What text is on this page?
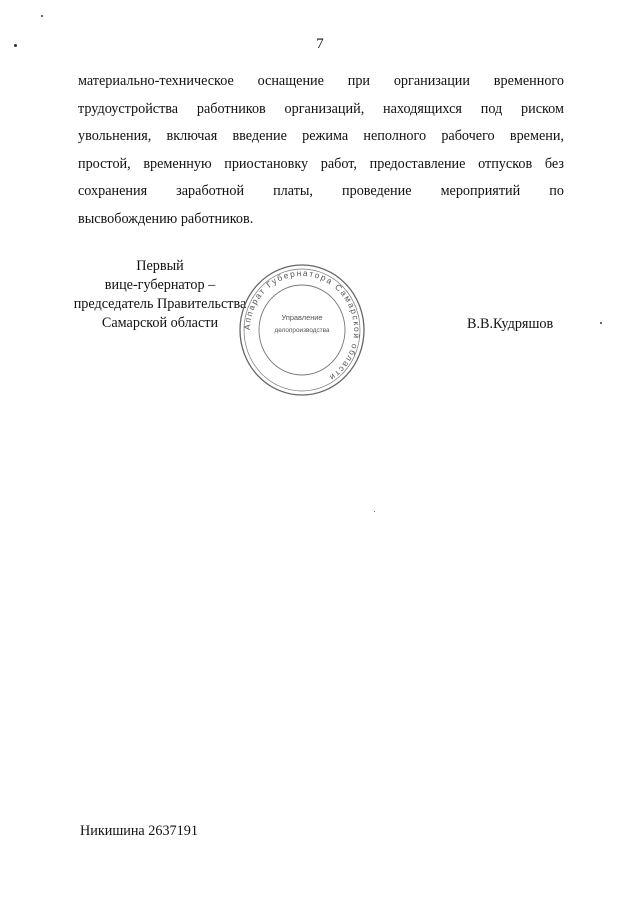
7
материально-техническое оснащение при организации временного
трудоустройства работников организаций, находящихся под риском
увольнения, включая введение режима неполного рабочего времени,
простой, временную приостановку работ, предоставление отпусков без
сохранения заработной платы, проведение мероприятий по
высвобождению работников.
Первый
вице-губернатор –
председатель Правительства
Самарской области	Аппарат Губернатора Самарской области
Управление
делопроизводства	В.В.Кудряшов
Никишина 2637191
